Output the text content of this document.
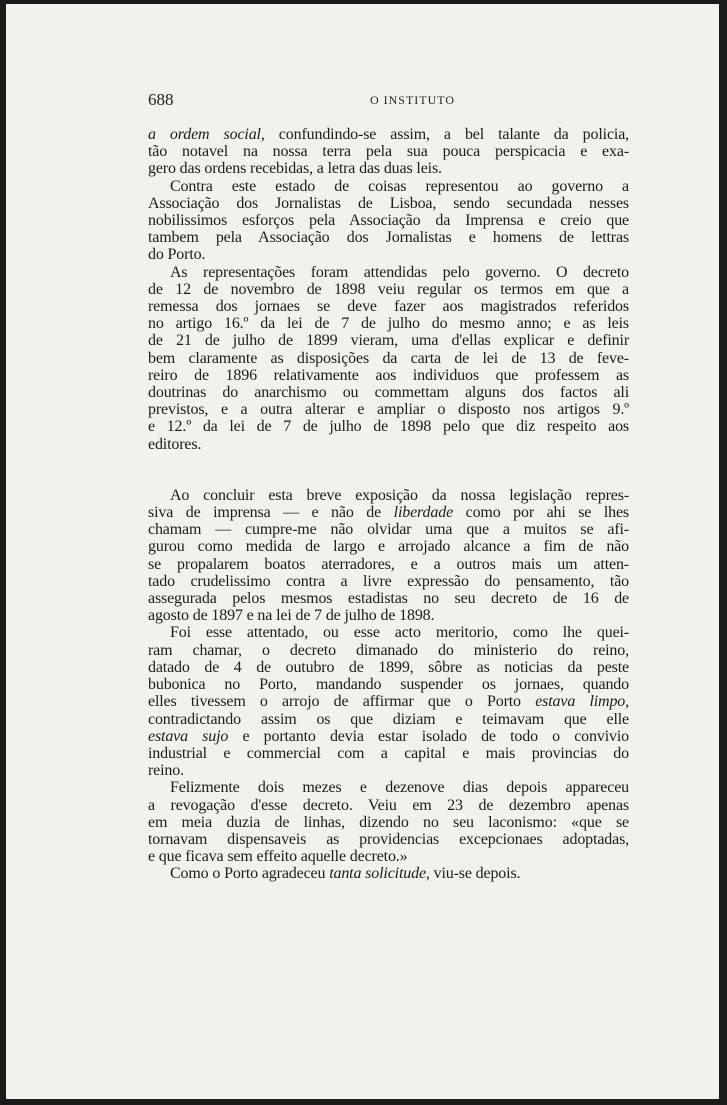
688	O INSTITUTO
a ordem social, confundindo-se assim, a bel talante da policia,
tão notavel na nossa terra pela sua pouca perspicacia e exa-
gero das ordens recebidas, a letra das duas leis.
Contra este estado de coisas representou ao governo a
Associação dos Jornalistas de Lisboa, sendo secundada nesses
nobilissimos esforços pela Associação da Imprensa e creio que
tambem pela Associação dos Jornalistas e homens de lettras
do Porto.
As representações foram attendidas pelo governo. O decreto
de 12 de novembro de 1898 veiu regular os termos em que a
remessa dos jornaes se deve fazer aos magistrados referidos
no artigo 16.º da lei de 7 de julho do mesmo anno; e as leis
de 21 de julho de 1899 vieram, uma d'ellas explicar e definir
bem claramente as disposições da carta de lei de 13 de feve-
reiro de 1896 relativamente aos individuos que professem as
doutrinas do anarchismo ou commettam alguns dos factos ali
previstos, e a outra alterar e ampliar o disposto nos artigos 9.º
e 12.º da lei de 7 de julho de 1898 pelo que diz respeito aos
editores.
Ao concluir esta breve exposição da nossa legislação repres-
siva de imprensa — e não de liberdade como por ahi se lhes
chamam — cumpre-me não olvidar uma que a muitos se afi-
gurou como medida de largo e arrojado alcance a fim de não
se propalarem boatos aterradores, e a outros mais um atten-
tado crudelissimo contra a livre expressão do pensamento, tão
assegurada pelos mesmos estadistas no seu decreto de 16 de
agosto de 1897 e na lei de 7 de julho de 1898.
Foi esse attentado, ou esse acto meritorio, como lhe quei-
ram chamar, o decreto dimanado do ministerio do reino,
datado de 4 de outubro de 1899, sôbre as noticias da peste
bubonica no Porto, mandando suspender os jornaes, quando
elles tivessem o arrojo de affirmar que o Porto estava limpo,
contradictando assim os que diziam e teimavam que elle
estava sujo e portanto devia estar isolado de todo o convivio
industrial e commercial com a capital e mais provincias do
reino.
Felizmente dois mezes e dezenove dias depois appareceu
a revogação d'esse decreto. Veiu em 23 de dezembro apenas
em meia duzia de linhas, dizendo no seu laconismo: «que se
tornavam dispensaveis as providencias excepcionaes adoptadas,
e que ficava sem effeito aquelle decreto.»
Como o Porto agradeceu tanta solicitude, viu-se depois.
